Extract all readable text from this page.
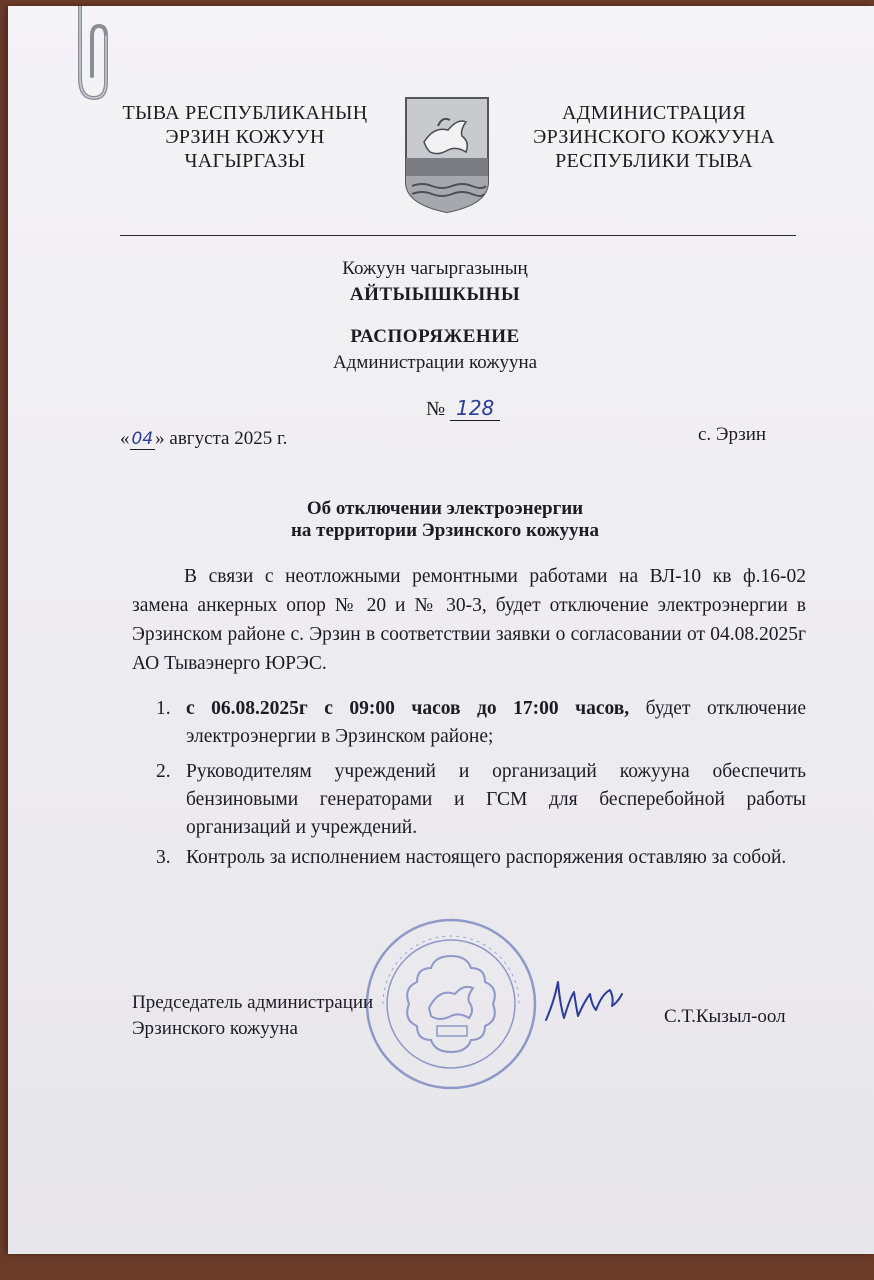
ТЫВА РЕСПУБЛИКАНЫҢ
ЭРЗИН КОЖУУН
ЧАГЫРГАЗЫ
АДМИНИСТРАЦИЯ
ЭРЗИНСКОГО КОЖУУНА
РЕСПУБЛИКИ ТЫВА
Кожуун чагыргазының
АЙТЫЫШКЫНЫ
РАСПОРЯЖЕНИЕ
Администрации кожууна
№ 128
« 04 » августа 2025 г.	с. Эрзин
Об отключении электроэнергии
на территории Эрзинского кожууна
В связи с неотложными ремонтными работами на ВЛ-10 кв ф.16-02 замена анкерных опор № 20 и № 30-3, будет отключение электроэнергии в Эрзинском районе с. Эрзин в соответствии заявки о согласовании от 04.08.2025г АО Тываэнерго ЮРЭС.
1. с 06.08.2025г с 09:00 часов до 17:00 часов, будет отключение электроэнергии в Эрзинском районе;
2. Руководителям учреждений и организаций кожууна обеспечить бензиновыми генераторами и ГСМ для бесперебойной работы организаций и учреждений.
3. Контроль за исполнением настоящего распоряжения оставляю за собой.
Председатель администрации
Эрзинского кожууна
С.Т.Кызыл-оол
